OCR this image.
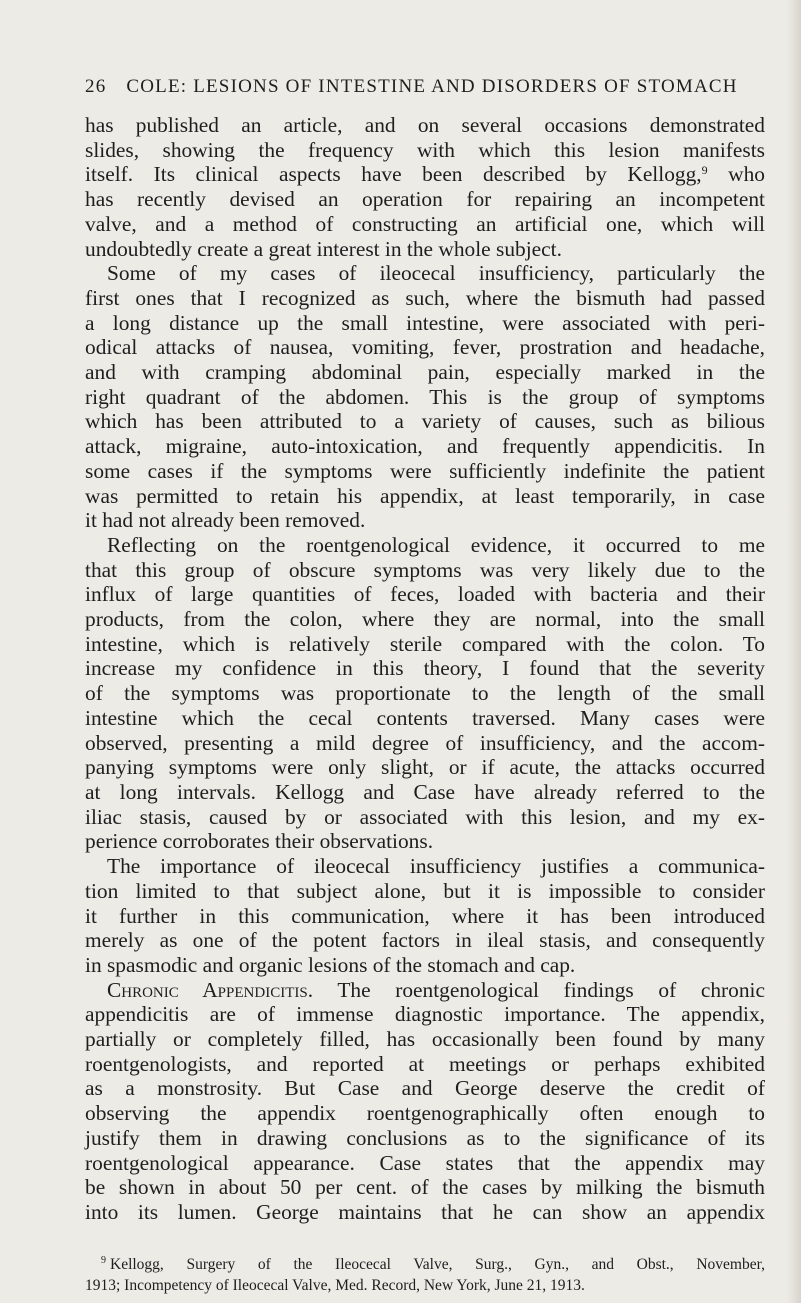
26 COLE: LESIONS OF INTESTINE AND DISORDERS OF STOMACH
has published an article, and on several occasions demonstrated
slides, showing the frequency with which this lesion manifests
itself. Its clinical aspects have been described by Kellogg,$^9$ who
has recently devised an operation for repairing an incompetent
valve, and a method of constructing an artificial one, which will
undoubtedly create a great interest in the whole subject.
Some of my cases of ileocecal insufficiency, particularly the
first ones that I recognized as such, where the bismuth had passed
a long distance up the small intestine, were associated with peri-
odical attacks of nausea, vomiting, fever, prostration and headache,
and with cramping abdominal pain, especially marked in the
right quadrant of the abdomen. This is the group of symptoms
which has been attributed to a variety of causes, such as bilious
attack, migraine, auto-intoxication, and frequently appendicitis. In
some cases if the symptoms were sufficiently indefinite the patient
was permitted to retain his appendix, at least temporarily, in case
it had not already been removed.
Reflecting on the roentgenological evidence, it occurred to me
that this group of obscure symptoms was very likely due to the
influx of large quantities of feces, loaded with bacteria and their
products, from the colon, where they are normal, into the small
intestine, which is relatively sterile compared with the colon. To
increase my confidence in this theory, I found that the severity
of the symptoms was proportionate to the length of the small
intestine which the cecal contents traversed. Many cases were
observed, presenting a mild degree of insufficiency, and the accom-
panying symptoms were only slight, or if acute, the attacks occurred
at long intervals. Kellogg and Case have already referred to the
iliac stasis, caused by or associated with this lesion, and my ex-
perience corroborates their observations.
The importance of ileocecal insufficiency justifies a communica-
tion limited to that subject alone, but it is impossible to consider
it further in this communication, where it has been introduced
merely as one of the potent factors in ileal stasis, and consequently
in spasmodic and organic lesions of the stomach and cap.
Chronic Appendicitis. The roentgenological findings of chronic
appendicitis are of immense diagnostic importance. The appendix,
partially or completely filled, has occasionally been found by many
roentgenologists, and reported at meetings or perhaps exhibited
as a monstrosity. But Case and George deserve the credit of
observing the appendix roentgenographically often enough to
justify them in drawing conclusions as to the significance of its
roentgenological appearance. Case states that the appendix may
be shown in about 50 per cent. of the cases by milking the bismuth
into its lumen. George maintains that he can show an appendix
$^9$ Kellogg, Surgery of the Ileocecal Valve, Surg., Gyn., and Obst., November,
1913; Incompetency of Ileocecal Valve, Med. Record, New York, June 21, 1913.
